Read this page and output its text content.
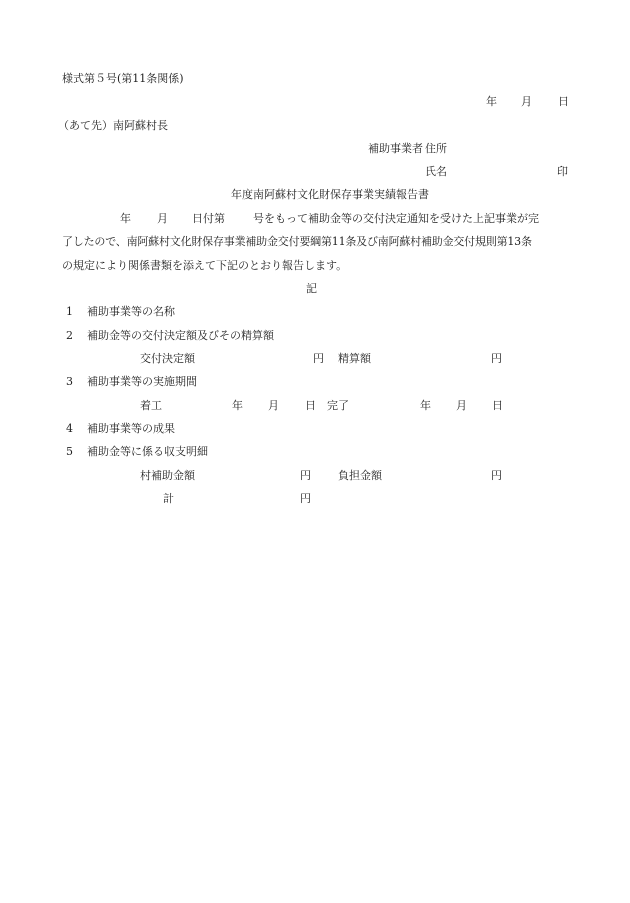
様式第５号(第11条関係)
年 月 日
（あて先）南阿蘇村長
補助事業者 住所
氏名	印
年度南阿蘇村文化財保存事業実績報告書
年 月 日付第	号をもって補助金等の交付決定通知を受けた上記事業が完
了したので、南阿蘇村文化財保存事業補助金交付要綱第11条及び南阿蘇村補助金交付規則第13条
の規定により関係書類を添えて下記のとおり報告します。
記
1 補助事業等の名称
2 補助金等の交付決定額及びその精算額
交付決定額	円 精算額	円
3 補助事業等の実施期間
着工	年 月 日 完了	年 月 日
4 補助事業等の成果
5 補助金等に係る収支明細
村補助金額	円 負担金額	円
計	円
